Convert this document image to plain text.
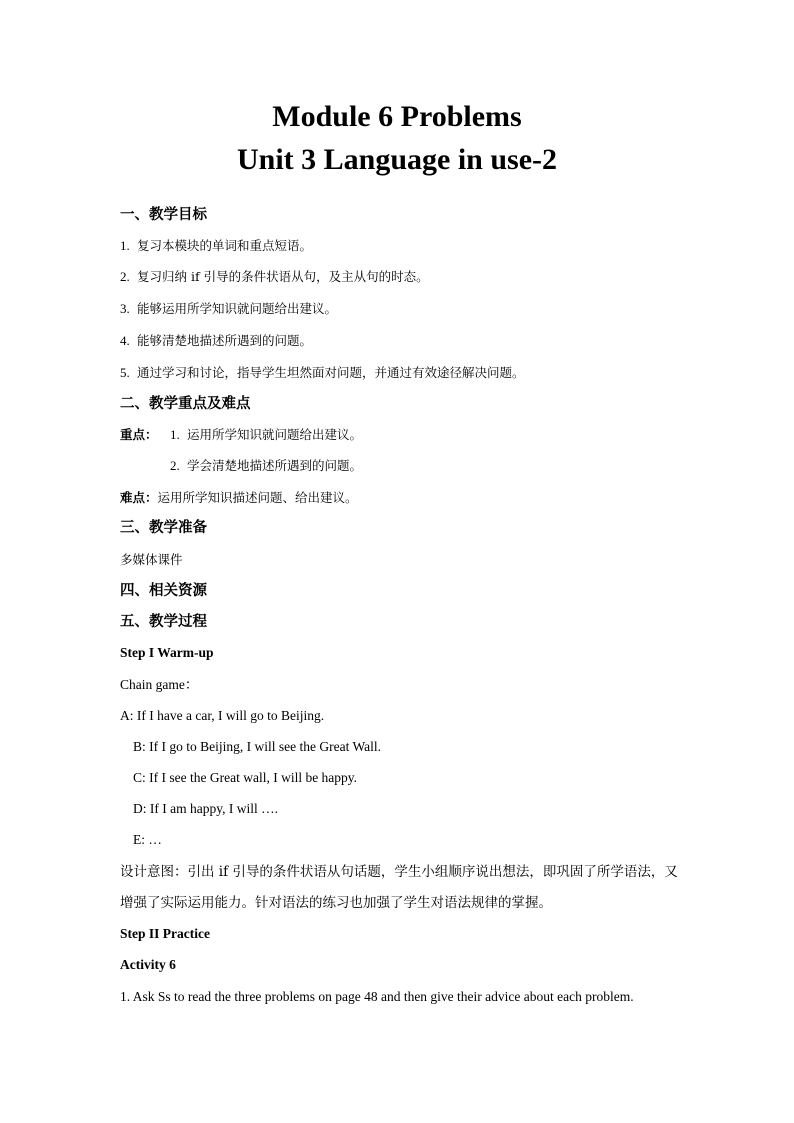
Module 6 Problems
Unit 3 Language in use-2
一、教学目标
1. 复习本模块的单词和重点短语。
2. 复习归纳 if 引导的条件状语从句，及主从句的时态。
3. 能够运用所学知识就问题给出建议。
4. 能够清楚地描述所遇到的问题。
5. 通过学习和讨论，指导学生坦然面对问题，并通过有效途径解决问题。
二、教学重点及难点
重点： 1. 运用所学知识就问题给出建议。
2. 学会清楚地描述所遇到的问题。
难点：运用所学知识描述问题、给出建议。
三、教学准备
多媒体课件
四、相关资源
五、教学过程
Step I Warm-up
Chain game：
A: If I have a car, I will go to Beijing.
B: If I go to Beijing, I will see the Great Wall.
C: If I see the Great wall, I will be happy.
D: If I am happy, I will ….
E: …
设计意图：引出 if 引导的条件状语从句话题，学生小组顺序说出想法，即巩固了所学语法，又增强了实际运用能力。针对语法的练习也加强了学生对语法规律的掌握。
Step II Practice
Activity 6
1. Ask Ss to read the three problems on page 48 and then give their advice about each problem.
